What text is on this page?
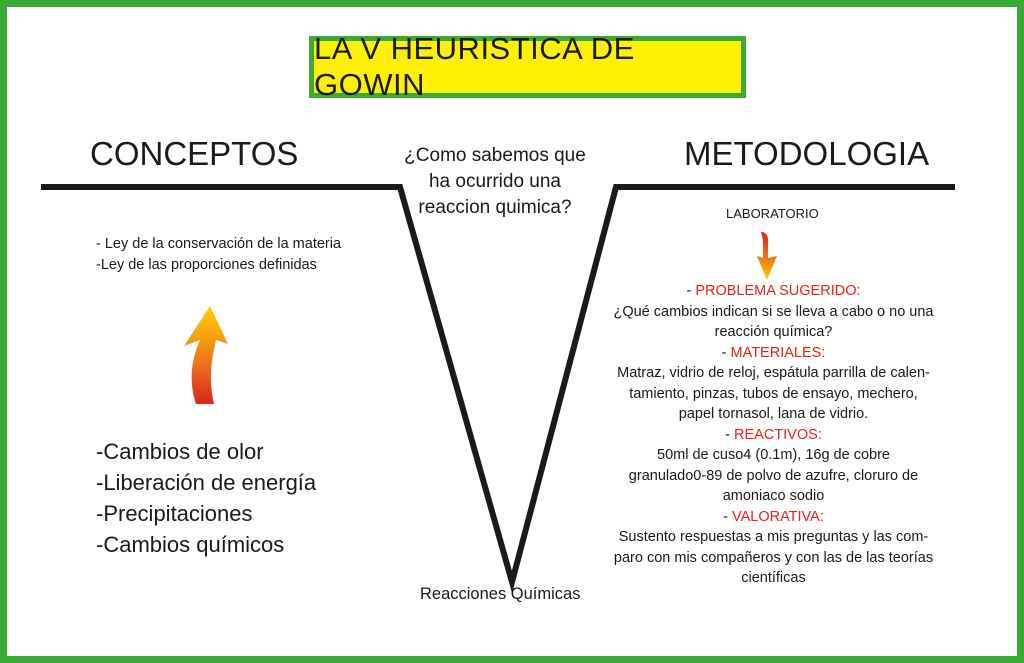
LA V HEURISTICA DE GOWIN
CONCEPTOS	METODOLOGIA
¿Como sabemos que
ha ocurrido una
reaccion quimica?
- Ley de la conservación de la materia
-Ley de las proporciones definidas
-Cambios de olor
-Liberación de energía
-Precipitaciones
-Cambios químicos
Reacciones Químicas
LABORATORIO
- PROBLEMA SUGERIDO:
¿Qué cambios indican si se lleva a cabo o no una
reacción química?
- MATERIALES:
Matraz, vidrio de reloj, espátula parrilla de calen-
tamiento, pinzas, tubos de ensayo, mechero,
papel tornasol, lana de vidrio.
- REACTIVOS:
50ml de cuso4 (0.1m), 16g de cobre
granulado0-89 de polvo de azufre, cloruro de
amoniaco sodio
- VALORATIVA:
Sustento respuestas a mis preguntas y las com-
paro con mis compañeros y con las de las teorías
científicas
